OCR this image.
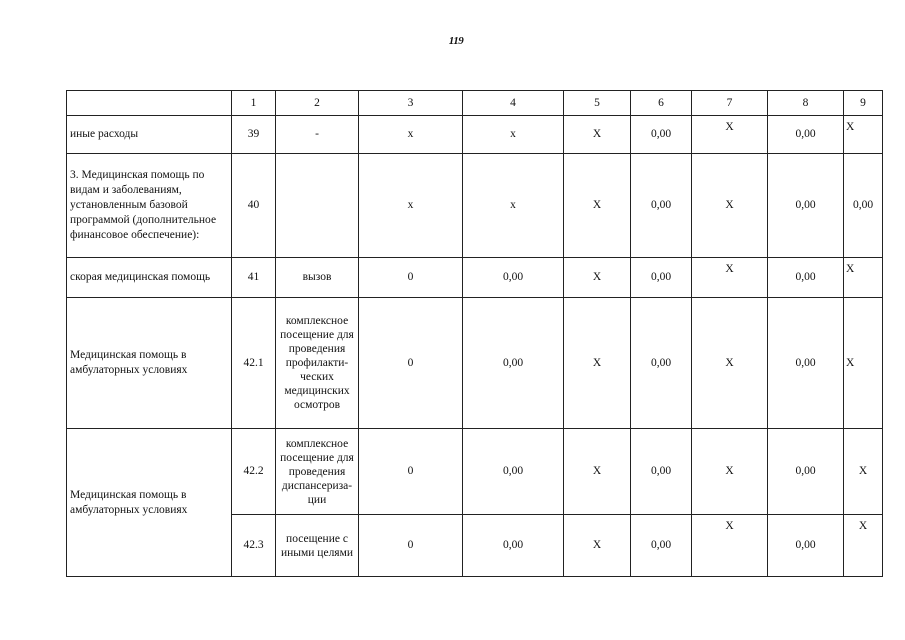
119
	1	2	3	4	5	6	7	8	9
иные расходы	39	-	x	x	X	0,00	X	0,00	X
3. Медицинская помощь по видам и заболеваниям, установленным базовой программой (дополнительное финансовое обеспечение):	40		x	x	X	0,00	X	0,00	0,00
скорая медицинская помощь	41	вызов	0	0,00	X	0,00	X	0,00	X
Медицинская помощь в амбулаторных условиях	42.1	комплексное посещение для проведения профилакти-ческих медицинских осмотров	0	0,00	X	0,00	X	0,00	X
Медицинская помощь в амбулаторных условиях	42.2	комплексное посещение для проведения диспансериза-ции	0	0,00	X	0,00	X	0,00	X
	42.3	посещение с иными целями	0	0,00	X	0,00	X	0,00	X
